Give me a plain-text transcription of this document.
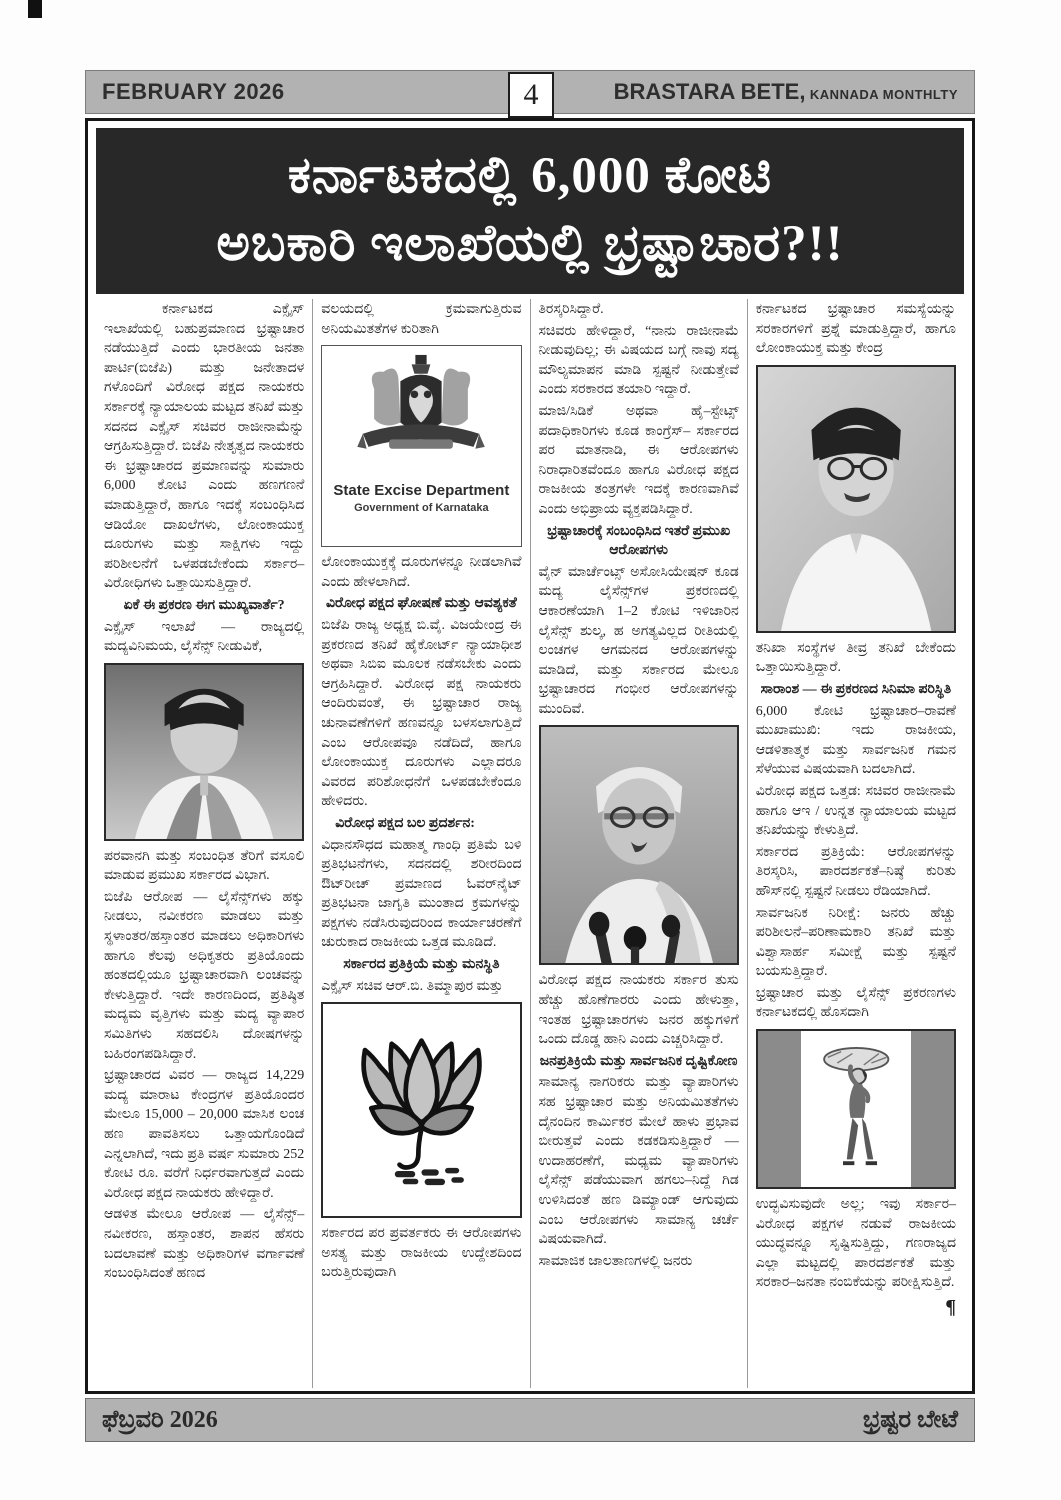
FEBRUARY 2026	BRASTARA BETE, KANNADA MONTHLTY
4
ಕರ್ನಾಟಕದಲ್ಲಿ 6,000 ಕೋಟಿ
ಅಬಕಾರಿ ಇಲಾಖೆಯಲ್ಲಿ ಭ್ರಷ್ಟಾಚಾರ?!!

ಕರ್ನಾಟಕದ ಎಕ್ಸೈಸ್ ಇಲಾಖೆಯಲ್ಲಿ ಬಹುಪ್ರಮಾಣದ ಭ್ರಷ್ಟಾಚಾರ ನಡೆಯುತ್ತಿದೆ ಎಂದು ಭಾರತೀಯ ಜನತಾ ಪಾರ್ಟಿ(ಬಿಜೆಪಿ) ಮತ್ತು ಜನೇತಾದಳ ಗಳೊಂದಿಗೆ ವಿರೋಧ ಪಕ್ಷದ ನಾಯಕರು ಸರ್ಕಾರಕ್ಕೆ ನ್ಯಾಯಾಲಯ ಮಟ್ಟದ ತನಿಖೆ ಮತ್ತು ಸದನದ ಎಕ್ಸೈಸ್ ಸಚಿವರ ರಾಜೀನಾಮೆನ್ನು ಆಗ್ರಹಿಸುತ್ತಿದ್ದಾರೆ. ಬಿಜೆಪಿ ನೇತೃತ್ವದ ನಾಯಕರು ಈ ಭ್ರಷ್ಟಾಚಾರದ ಪ್ರಮಾಣವನ್ನು ಸುಮಾರು 6,000 ಕೋಟಿ ಎಂದು ಹಣಗಣನೆ ಮಾಡುತ್ತಿದ್ದಾರೆ, ಹಾಗೂ ಇದಕ್ಕೆ ಸಂಬಂಧಿಸಿದ ಆಡಿಯೋ ದಾಖಲೆಗಳು, ಲೋಂಕಾಯುಕ್ತ ದೂರುಗಳು ಮತ್ತು ಸಾಕ್ಷಿಗಳು ಇದ್ದು ಪರಿಶೀಲನೆಗೆ ಒಳಪಡಬೇಕೆಂದು ಸರ್ಕಾರ–ವಿರೋಧಿಗಳು ಒತ್ತಾಯಿಸುತ್ತಿದ್ದಾರೆ.

ಏಕೆ ಈ ಪ್ರಕರಣ ಈಗ ಮುಖ್ಯವಾರ್ತೆ?

ಎಕ್ಸೈಸ್ ಇಲಾಖೆ — ರಾಜ್ಯದಲ್ಲಿ ಮದ್ಯವಿನಿಮಯ, ಲೈಸೆನ್ಸ್ ನೀಡುವಿಕೆ,

ಪರವಾನಗಿ ಮತ್ತು ಸಂಬಂಧಿತ ತೆರಿಗೆ ವಸೂಲಿ ಮಾಡುವ ಪ್ರಮುಖ ಸರ್ಕಾರದ ವಿಭಾಗ.

ಬಿಜೆಪಿ ಆರೋಪ — ಲೈಸೆನ್ಸ್‌ಗಳು ಹಕ್ಕು ನೀಡಲು, ನವೀಕರಣ ಮಾಡಲು ಮತ್ತು ಸ್ಥಳಾಂತರ/ಹಸ್ತಾಂತರ ಮಾಡಲು ಅಧಿಕಾರಿಗಳು ಹಾಗೂ ಕೆಲವು ಅಧಿಕೃತರು ಪ್ರತಿಯೊಂದು ಹಂತದಲ್ಲಿಯೂ ಭ್ರಷ್ಟಾಚಾರವಾಗಿ ಲಂಚವನ್ನು ಕೇಳುತ್ತಿದ್ದಾರೆ. ಇದೇ ಕಾರಣದಿಂದ, ಪ್ರತಿಷ್ಠಿತ ಮದ್ಯಮ ವೃತ್ತಿಗಳು ಮತ್ತು ಮದ್ಯ ವ್ಯಾಪಾರ ಸಮಿತಿಗಳು ಸಹದಲಿಸಿ ದೋಷಗಳನ್ನು ಬಹಿರಂಗಪಡಿಸಿದ್ದಾರೆ.

ಭ್ರಷ್ಟಾಚಾರದ ವಿವರ — ರಾಜ್ಯದ 14,229 ಮದ್ಯ ಮಾರಾಟ ಕೇಂದ್ರಗಳ ಪ್ರತಿಯೊಂದರ ಮೇಲೂ 15,000 – 20,000 ಮಾಸಿಕ ಲಂಚ ಹಣ ಪಾವತಿಸಲು ಒತ್ತಾಯಗೊಂಡಿದೆ ಎನ್ನಲಾಗಿದೆ, ಇದು ಪ್ರತಿ ವರ್ಷ ಸುಮಾರು 252 ಕೋಟಿ ರೂ. ವರೆಗೆ ನಿರ್ಧರವಾಗುತ್ತದೆ ಎಂದು ವಿರೋಧ ಪಕ್ಷದ ನಾಯಕರು ಹೇಳಿದ್ದಾರೆ.

ಆಡಳಿತ ಮೇಲೂ ಆರೋಪ — ಲೈಸೆನ್ಸ್–ನವೀಕರಣ, ಹಸ್ತಾಂತರ, ಶಾಪನ ಹೆಸರು ಬದಲಾವಣೆ ಮತ್ತು ಅಧಿಕಾರಿಗಳ ವರ್ಗಾವಣೆ ಸಂಬಂಧಿಸಿದಂತೆ ಹಣದ

ವಲಯದಲ್ಲಿ ಕ್ರಮವಾಗುತ್ತಿರುವ ಅನಿಯಮಿತತೆಗಳ ಕುರಿತಾಗಿ

State Excise Department
Government of Karnataka

ಲೋಂಕಾಯುಕ್ತಕ್ಕೆ ದೂರುಗಳನ್ನೂ ನೀಡಲಾಗಿವೆ ಎಂದು ಹೇಳಲಾಗಿದೆ.

ವಿರೋಧ ಪಕ್ಷದ ಘೋಷಣೆ ಮತ್ತು ಆವಶ್ಯಕತೆ

ಬಿಜೆಪಿ ರಾಜ್ಯ ಅಧ್ಯಕ್ಷ ಬಿ.ವೈ. ವಿಜಯೇಂದ್ರ ಈ ಪ್ರಕರಣದ ತನಿಖೆ ಹೈಕೋರ್ಟ್ ನ್ಯಾಯಾಧೀಶ ಅಥವಾ ಸಿಬಿಐ ಮೂಲಕ ನಡೆಸಬೇಕು ಎಂದು ಆಗ್ರಹಿಸಿದ್ದಾರೆ. ವಿರೋಧ ಪಕ್ಷ ನಾಯಕರು ಆಂದಿರುವಂತೆ, ಈ ಭ್ರಷ್ಟಾಚಾರ ರಾಜ್ಯ ಚುನಾವಣೆಗಳಿಗೆ ಹಣವನ್ನೂ ಬಳಸಲಾಗುತ್ತಿದೆ ಎಂಬ ಆರೋಪವೂ ನಡೆದಿದೆ, ಹಾಗೂ ಲೋಂಕಾಯುಕ್ತ ದೂರುಗಳು ಎಲ್ಲಾದರೂ ವಿವರದ ಪರಿಶೋಧನೆಗೆ ಒಳಪಡಬೇಕೆಂದೂ ಹೇಳಿದರು.

ವಿರೋಧ ಪಕ್ಷದ ಬಲ ಪ್ರದರ್ಶನ:

ವಿಧಾನಸೌಧದ ಮಹಾತ್ಮ ಗಾಂಧಿ ಪ್ರತಿಮೆ ಬಳಿ ಪ್ರತಿಭಟನೆಗಳು, ಸದನದಲ್ಲಿ ಶರೀರದಿಂದ ಔಟ್‌ರೀಚ್ ಪ್ರಮಾಣದ ಓವರ್‌ನೈಟ್ ಪ್ರತಿಭಟನಾ ಜಾಗೃತಿ ಮುಂತಾದ ಕ್ರಮಗಳನ್ನು ಪಕ್ಷಗಳು ನಡೆಸಿರುವುದರಿಂದ ಕಾರ್ಯಾಚರಣೆಗೆ ಚುರುಕಾದ ರಾಜಕೀಯ ಒತ್ತಡ ಮೂಡಿದೆ.

ಸರ್ಕಾರದ ಪ್ರತಿಕ್ರಿಯೆ ಮತ್ತು ಮನಸ್ಥಿತಿ

ಎಕ್ಸೈಸ್ ಸಚಿವ ಆರ್.ಬಿ. ತಿಮ್ಮಾಪುರ ಮತ್ತು

ಸರ್ಕಾರದ ಪರ ಪ್ರವರ್ತಕರು ಈ ಆರೋಪಗಳು ಅಸತ್ಯ ಮತ್ತು ರಾಜಕೀಯ ಉದ್ದೇಶದಿಂದ ಬರುತ್ತಿರುವುದಾಗಿ

ತಿರಸ್ಕರಿಸಿದ್ದಾರೆ.

ಸಚಿವರು ಹೇಳಿದ್ದಾರೆ, “ನಾನು ರಾಜೀನಾಮೆ ನೀಡುವುದಿಲ್ಲ; ಈ ವಿಷಯದ ಬಗ್ಗೆ ನಾವು ಸದ್ಯ ಮೌಲ್ಯಮಾಪನ ಮಾಡಿ ಸ್ಪಷ್ಟನೆ ನೀಡುತ್ತೇವೆ ಎಂದು ಸರಕಾರದ ತಯಾರಿ ಇದ್ದಾರೆ.

ಮಾಜಿ/ಸಿಡಿಕೆ ಅಥವಾ ಹೈ–ಸ್ಟೇಟ್ಸ್ ಪದಾಧಿಕಾರಿಗಳು ಕೂಡ ಕಾಂಗ್ರೆಸ್– ಸರ್ಕಾರದ ಪರ ಮಾತನಾಡಿ, ಈ ಆರೋಪಗಳು ನಿರಾಧಾರಿತವೆಂದೂ ಹಾಗೂ ವಿರೋಧ ಪಕ್ಷದ ರಾಜಕೀಯ ತಂತ್ರಗಳೇ ಇದಕ್ಕೆ ಕಾರಣವಾಗಿವೆ ಎಂದು ಅಭಿಪ್ರಾಯ ವ್ಯಕ್ತಪಡಿಸಿದ್ದಾರೆ.

ಭ್ರಷ್ಟಾಚಾರಕ್ಕೆ ಸಂಬಂಧಿಸಿದ ಇತರೆ ಪ್ರಮುಖ ಆರೋಪಗಳು

ವೈನ್ ಮಾರ್ಚೆಂಟ್ಸ್ ಅಸೋಸಿಯೇಷನ್ ಕೂಡ ಮದ್ಯ ಲೈಸೆನ್ಸ್‌ಗಳ ಪ್ರಕರಣದಲ್ಲಿ ಆಕಾರಣೆಯಾಗಿ 1–2 ಕೋಟಿ ಇಳಿಜಾರಿನ ಲೈಸೆನ್ಸ್ ಶುಲ್ಕ, ಹ ಅಗತ್ಯವಿಲ್ಲದ ರೀತಿಯಲ್ಲಿ ಲಂಚಗಳ ಆಗಮನದ ಆರೋಪಗಳನ್ನು ಮಾಡಿದೆ, ಮತ್ತು ಸರ್ಕಾರದ ಮೇಲೂ ಭ್ರಷ್ಟಾಚಾರದ ಗಂಭೀರ ಆರೋಪಗಳನ್ನು ಮುಂದಿವೆ.

ವಿರೋಧ ಪಕ್ಷದ ನಾಯಕರು ಸರ್ಕಾರ ತುಸು ಹೆಚ್ಚು ಹೊಣೆಗಾರರು ಎಂದು ಹೇಳುತ್ತಾ, ಇಂತಹ ಭ್ರಷ್ಟಾಚಾರಗಳು ಜನರ ಹಕ್ಕುಗಳಿಗೆ ಒಂದು ದೊಡ್ಡ ಹಾನಿ ಎಂದು ಎಚ್ಚರಿಸಿದ್ದಾರೆ.

ಜನಪ್ರತಿಕ್ರಿಯೆ ಮತ್ತು ಸಾರ್ವಜನಿಕ ದೃಷ್ಟಿಕೋಣ

ಸಾಮಾನ್ಯ ನಾಗರಿಕರು ಮತ್ತು ವ್ಯಾಪಾರಿಗಳು ಸಹ ಭ್ರಷ್ಟಾಚಾರ ಮತ್ತು ಅನಿಯಮಿತತೆಗಳು ದೈನಂದಿನ ಕಾರ್ಮಿಕರ ಮೇಲೆ ಹಾಳು ಪ್ರಭಾವ ಬೀರುತ್ತವೆ ಎಂದು ಕಡಕಡಿಸುತ್ತಿದ್ದಾರೆ — ಉದಾಹರಣೆಗೆ, ಮಧ್ಯಮ ವ್ಯಾಪಾರಿಗಳು ಲೈಸೆನ್ಸ್ ಪಡೆಯುವಾಗ ಹಗಲು–ನಿದ್ದೆ ಗಿಡ ಉಳಿಸಿದಂತೆ ಹಣ ಡಿಮ್ಯಾಂಡ್ ಆಗುವುದು ಎಂಬ ಆರೋಪಗಳು ಸಾಮಾನ್ಯ ಚರ್ಚೆ ವಿಷಯವಾಗಿದೆ.

ಸಾಮಾಜಿಕ ಜಾಲತಾಣಗಳಲ್ಲಿ ಜನರು

ಕರ್ನಾಟಕದ ಭ್ರಷ್ಟಾಚಾರ ಸಮಸ್ಯೆಯನ್ನು ಸರಕಾರಗಳಿಗೆ ಪ್ರಶ್ನೆ ಮಾಡುತ್ತಿದ್ದಾರೆ, ಹಾಗೂ ಲೋಂಕಾಯುಕ್ತ ಮತ್ತು ಕೇಂದ್ರ

ತನಿಖಾ ಸಂಸ್ಥೆಗಳ ತೀವ್ರ ತನಿಖೆ ಬೇಕೆಂದು ಒತ್ತಾಯಿಸುತ್ತಿದ್ದಾರೆ.

ಸಾರಾಂಶ — ಈ ಪ್ರಕರಣದ ಸಿನಿಮಾ ಪರಿಸ್ಥಿತಿ

6,000 ಕೋಟಿ ಭ್ರಷ್ಟಾಚಾರ–ರಾವಣೆ ಮುಖಾಮುಖಿ: ಇದು ರಾಜಕೀಯ, ಆಡಳಿತಾತ್ಮಕ ಮತ್ತು ಸಾರ್ವಜನಿಕ ಗಮನ ಸೆಳೆಯುವ ವಿಷಯವಾಗಿ ಬದಲಾಗಿದೆ.

ವಿರೋಧ ಪಕ್ಷದ ಒತ್ತಡ: ಸಚಿವರ ರಾಜೀನಾಮೆ ಹಾಗೂ ಆಇ / ಉನ್ನತ ನ್ಯಾಯಾಲಯ ಮಟ್ಟದ ತನಿಖೆಯನ್ನು ಕೇಳುತ್ತಿದೆ.

ಸರ್ಕಾರದ ಪ್ರತಿಕ್ರಿಯೆ: ಆರೋಪಗಳನ್ನು ತಿರಸ್ಕರಿಸಿ, ಪಾರದರ್ಶಕತೆ–ನಿಷ್ಠೆ ಕುರಿತು ಹೌಸ್‌ನಲ್ಲಿ ಸ್ಪಷ್ಟನೆ ನೀಡಲು ರೆಡಿಯಾಗಿದೆ.

ಸಾರ್ವಜನಿಕ ನಿರೀಕ್ಷೆ: ಜನರು ಹೆಚ್ಚು ಪರಿಶೀಲನೆ–ಪರಿಣಾಮಕಾರಿ ತನಿಖೆ ಮತ್ತು ವಿಶ್ವಾಸಾರ್ಹ ಸಮೀಕ್ಷೆ ಮತ್ತು ಸ್ಪಷ್ಟನೆ ಬಯಸುತ್ತಿದ್ದಾರೆ.

ಭ್ರಷ್ಟಾಚಾರ ಮತ್ತು ಲೈಸೆನ್ಸ್ ಪ್ರಕರಣಗಳು ಕರ್ನಾಟಕದಲ್ಲಿ ಹೊಸದಾಗಿ

ಉದ್ಭವಿಸುವುದೇ ಅಲ್ಲ; ಇವು ಸರ್ಕಾರ–ವಿರೋಧ ಪಕ್ಷಗಳ ನಡುವೆ ರಾಜಕೀಯ ಯುದ್ಧವನ್ನೂ ಸೃಷ್ಟಿಸುತ್ತಿದ್ದು, ಗಣರಾಜ್ಯದ ಎಲ್ಲಾ ಮಟ್ಟದಲ್ಲಿ ಪಾರದರ್ಶಕತೆ ಮತ್ತು ಸರಕಾರ–ಜನತಾ ನಂಬಿಕೆಯನ್ನು ಪರೀಕ್ಷಿಸುತ್ತಿದೆ.
¶

ಫೆಬ್ರವರಿ 2026	ಭ್ರಷ್ಟರ ಬೇಟೆ
